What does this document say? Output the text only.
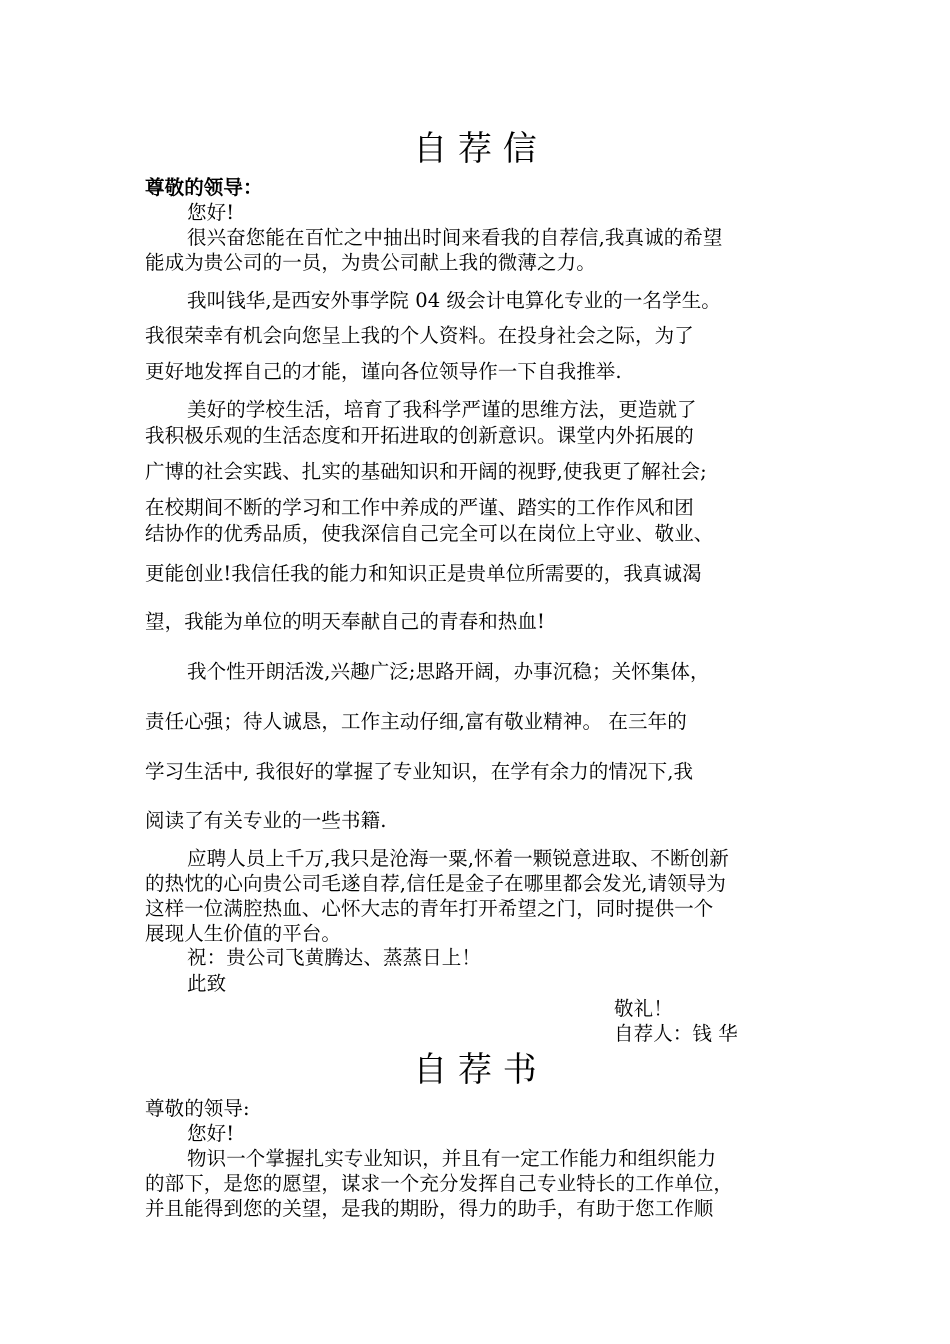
自 荐 信
尊敬的领导：
您好!
很兴奋您能在百忙之中抽出时间来看我的自荐信,我真诚的希望
能成为贵公司的一员，为贵公司献上我的微薄之力。
我叫钱华,是西安外事学院 04 级会计电算化专业的一名学生。
我很荣幸有机会向您呈上我的个人资料。在投身社会之际，为了
更好地发挥自己的才能，谨向各位领导作一下自我推举.
美好的学校生活，培育了我科学严谨的思维方法，更造就了
我积极乐观的生活态度和开拓进取的创新意识。课堂内外拓展的
广博的社会实践、扎实的基础知识和开阔的视野,使我更了解社会;
在校期间不断的学习和工作中养成的严谨、踏实的工作作风和团
结协作的优秀品质，使我深信自己完全可以在岗位上守业、敬业、
更能创业!我信任我的能力和知识正是贵单位所需要的，我真诚渴
望，我能为单位的明天奉献自己的青春和热血!
我个性开朗活泼,兴趣广泛;思路开阔，办事沉稳；关怀集体，
责任心强；待人诚恳，工作主动仔细,富有敬业精神。 在三年的
学习生活中, 我很好的掌握了专业知识，在学有余力的情况下,我
阅读了有关专业的一些书籍.
应聘人员上千万,我只是沧海一粟,怀着一颗锐意进取、不断创新
的热忱的心向贵公司毛遂自荐,信任是金子在哪里都会发光,请领导为
这样一位满腔热血、心怀大志的青年打开希望之门，同时提供一个
展现人生价值的平台。
祝：贵公司飞黄腾达、蒸蒸日上！
此致
敬礼！
自荐人：钱 华
自 荐 书
尊敬的领导:
您好!
物识一个掌握扎实专业知识，并且有一定工作能力和组织能力
的部下，是您的愿望，谋求一个充分发挥自己专业特长的工作单位，
并且能得到您的关望，是我的期盼，得力的助手，有助于您工作顺
